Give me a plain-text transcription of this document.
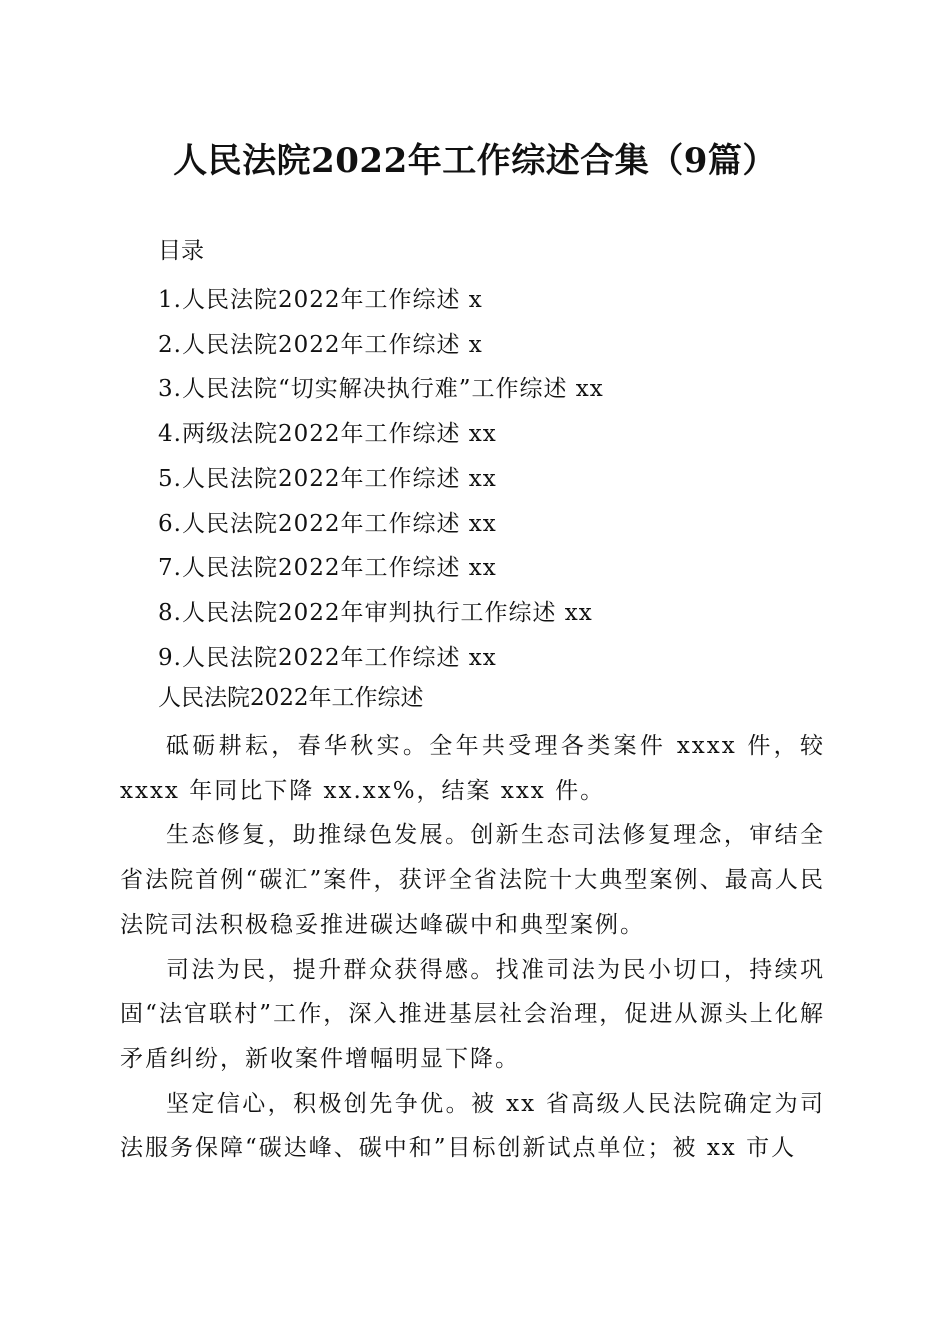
人民法院2022年工作综述合集（9篇）
目录
1.人民法院2022年工作综述 x
2.人民法院2022年工作综述 x
3.人民法院“切实解决执行难”工作综述 xx
4.两级法院2022年工作综述 xx
5.人民法院2022年工作综述 xx
6.人民法院2022年工作综述 xx
7.人民法院2022年工作综述 xx
8.人民法院2022年审判执行工作综述 xx
9.人民法院2022年工作综述 xx
人民法院2022年工作综述

砥砺耕耘，春华秋实。全年共受理各类案件 xxxx 件，较 xxxx 年同比下降 xx.xx%，结案 xxx 件。

生态修复，助推绿色发展。创新生态司法修复理念，审结全省法院首例“碳汇”案件，获评全省法院十大典型案例、最高人民法院司法积极稳妥推进碳达峰碳中和典型案例。

司法为民，提升群众获得感。找准司法为民小切口，持续巩固“法官联村”工作，深入推进基层社会治理，促进从源头上化解矛盾纠纷，新收案件增幅明显下降。

坚定信心，积极创先争优。被 xx 省高级人民法院确定为司法服务保障“碳达峰、碳中和”目标创新试点单位；被 xx 市人
